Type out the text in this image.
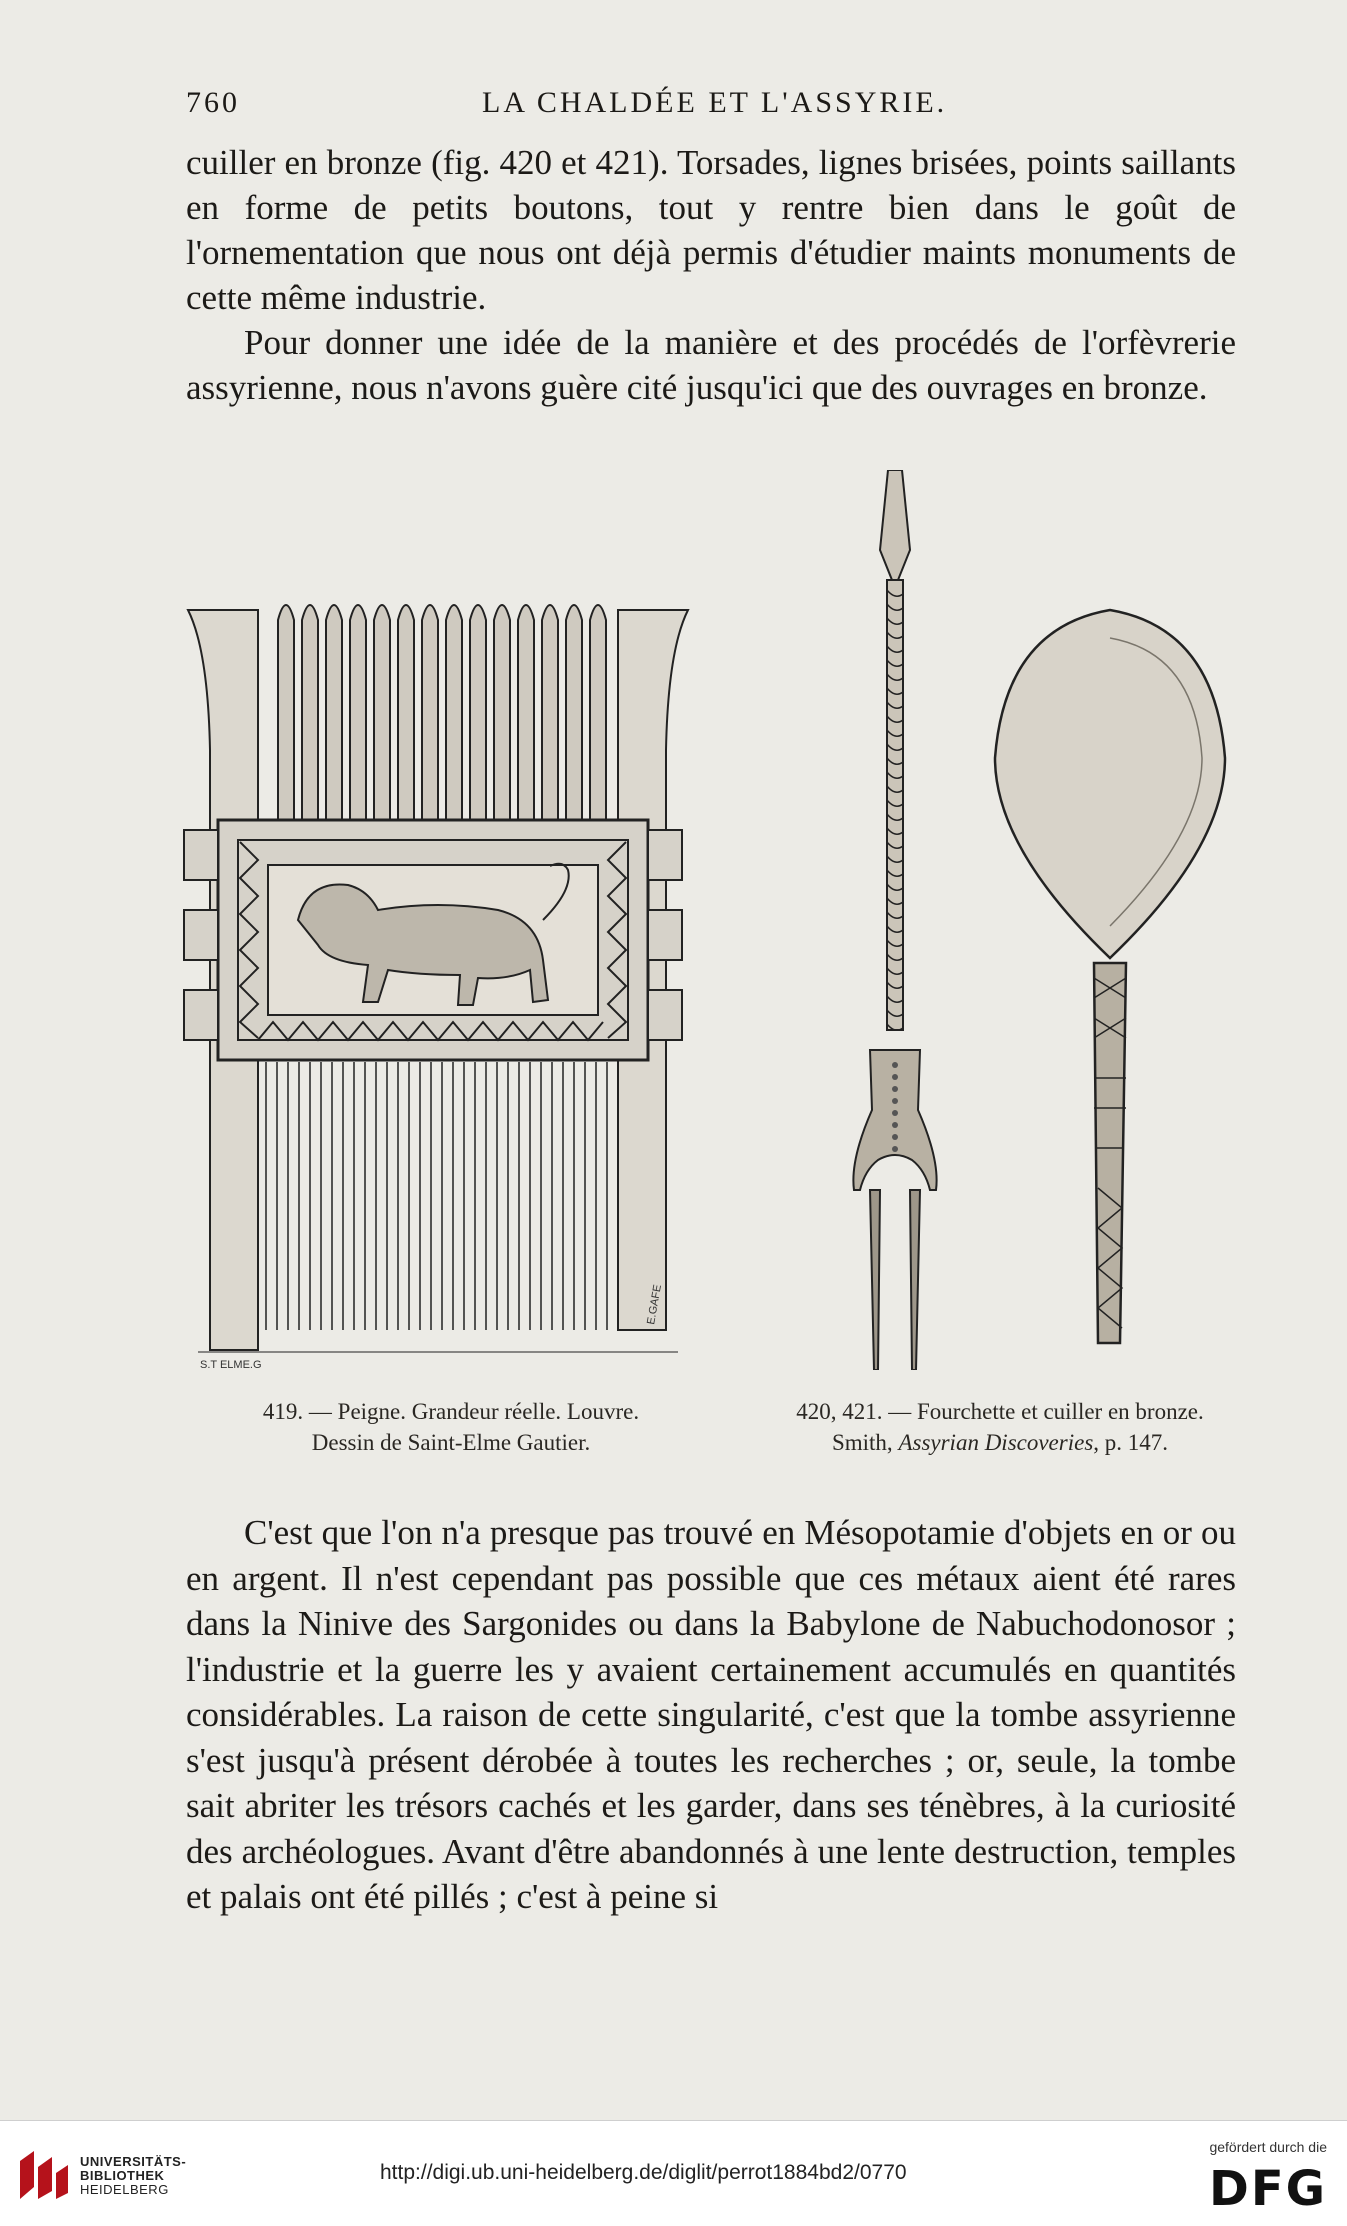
760	LA CHALDÉE ET L'ASSYRIE.

cuiller en bronze (fig. 420 et 421). Torsades, lignes brisées, points saillants en forme de petits boutons, tout y rentre bien dans le goût de l'ornementation que nous ont déjà permis d'étudier maints monuments de cette même industrie.

Pour donner une idée de la manière et des procédés de l'orfèvrerie assyrienne, nous n'avons guère cité jusqu'ici que des ouvrages en bronze.

S.T ELME.G
E.GAFE
419. — Peigne. Grandeur réelle. Louvre.
Dessin de Saint-Elme Gautier.
420, 421. — Fourchette et cuiller en bronze.
Smith, Assyrian Discoveries, p. 147.

C'est que l'on n'a presque pas trouvé en Mésopotamie d'objets en or ou en argent. Il n'est cependant pas possible que ces métaux aient été rares dans la Ninive des Sargonides ou dans la Babylone de Nabuchodonosor ; l'industrie et la guerre les y avaient certainement accumulés en quantités considérables. La raison de cette singularité, c'est que la tombe assyrienne s'est jusqu'à présent dérobée à toutes les recherches ; or, seule, la tombe sait abriter les trésors cachés et les garder, dans ses ténèbres, à la curiosité des archéologues. Avant d'être abandonnés à une lente destruction, temples et palais ont été pillés ; c'est à peine si

UNIVERSITÄTS-
BIBLIOTHEK
HEIDELBERG
http://digi.ub.uni-heidelberg.de/diglit/perrot1884bd2/0770
gefördert durch die
DFG
